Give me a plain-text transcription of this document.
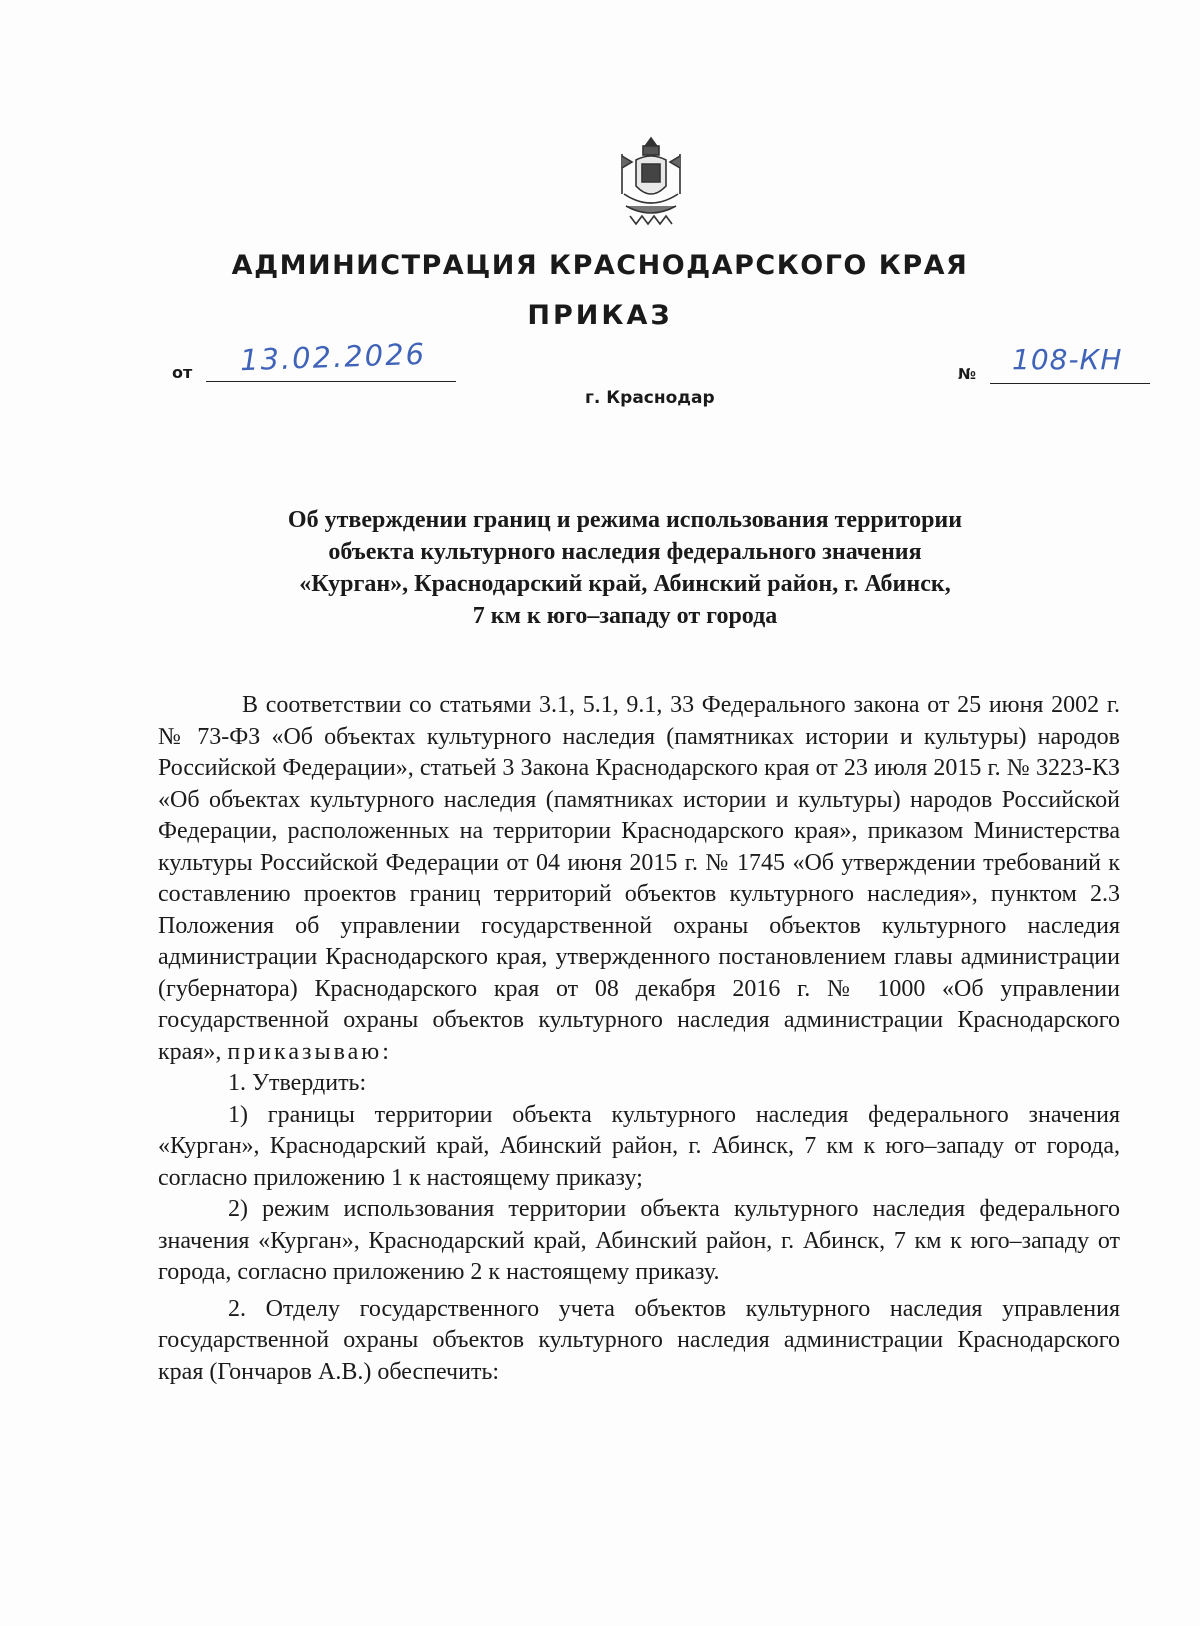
АДМИНИСТРАЦИЯ КРАСНОДАРСКОГО КРАЯ
ПРИКАЗ
от 13.02.2026
г. Краснодар
№ 108-КН
Об утверждении границ и режима использования территории
объекта культурного наследия федерального значения
«Курган», Краснодарский край, Абинский район, г. Абинск,
7 км к юго–западу от города

В соответствии со статьями 3.1, 5.1, 9.1, 33 Федерального закона от 25 июня 2002 г. № 73-ФЗ «Об объектах культурного наследия (памятниках истории и культуры) народов Российской Федерации», статьей 3 Закона Краснодарского края от 23 июля 2015 г. № 3223-КЗ «Об объектах культурного наследия (памятниках истории и культуры) народов Российской Федерации, расположенных на территории Краснодарского края», приказом Министерства культуры Российской Федерации от 04 июня 2015 г. № 1745 «Об утверждении требований к составлению проектов границ территорий объектов культурного наследия», пунктом 2.3 Положения об управлении государственной охраны объектов культурного наследия администрации Краснодарского края, утвержденного постановлением главы администрации (губернатора) Краснодарского края от 08 декабря 2016 г. № 1000 «Об управлении государственной охраны объектов культурного наследия администрации Краснодарского края», приказываю:

1. Утвердить:

1) границы территории объекта культурного наследия федерального значения «Курган», Краснодарский край, Абинский район, г. Абинск, 7 км к юго–западу от города, согласно приложению 1 к настоящему приказу;

2) режим использования территории объекта культурного наследия федерального значения «Курган», Краснодарский край, Абинский район, г. Абинск, 7 км к юго–западу от города, согласно приложению 2 к настоящему приказу.

2. Отделу государственного учета объектов культурного наследия управления государственной охраны объектов культурного наследия администрации Краснодарского края (Гончаров А.В.) обеспечить:
